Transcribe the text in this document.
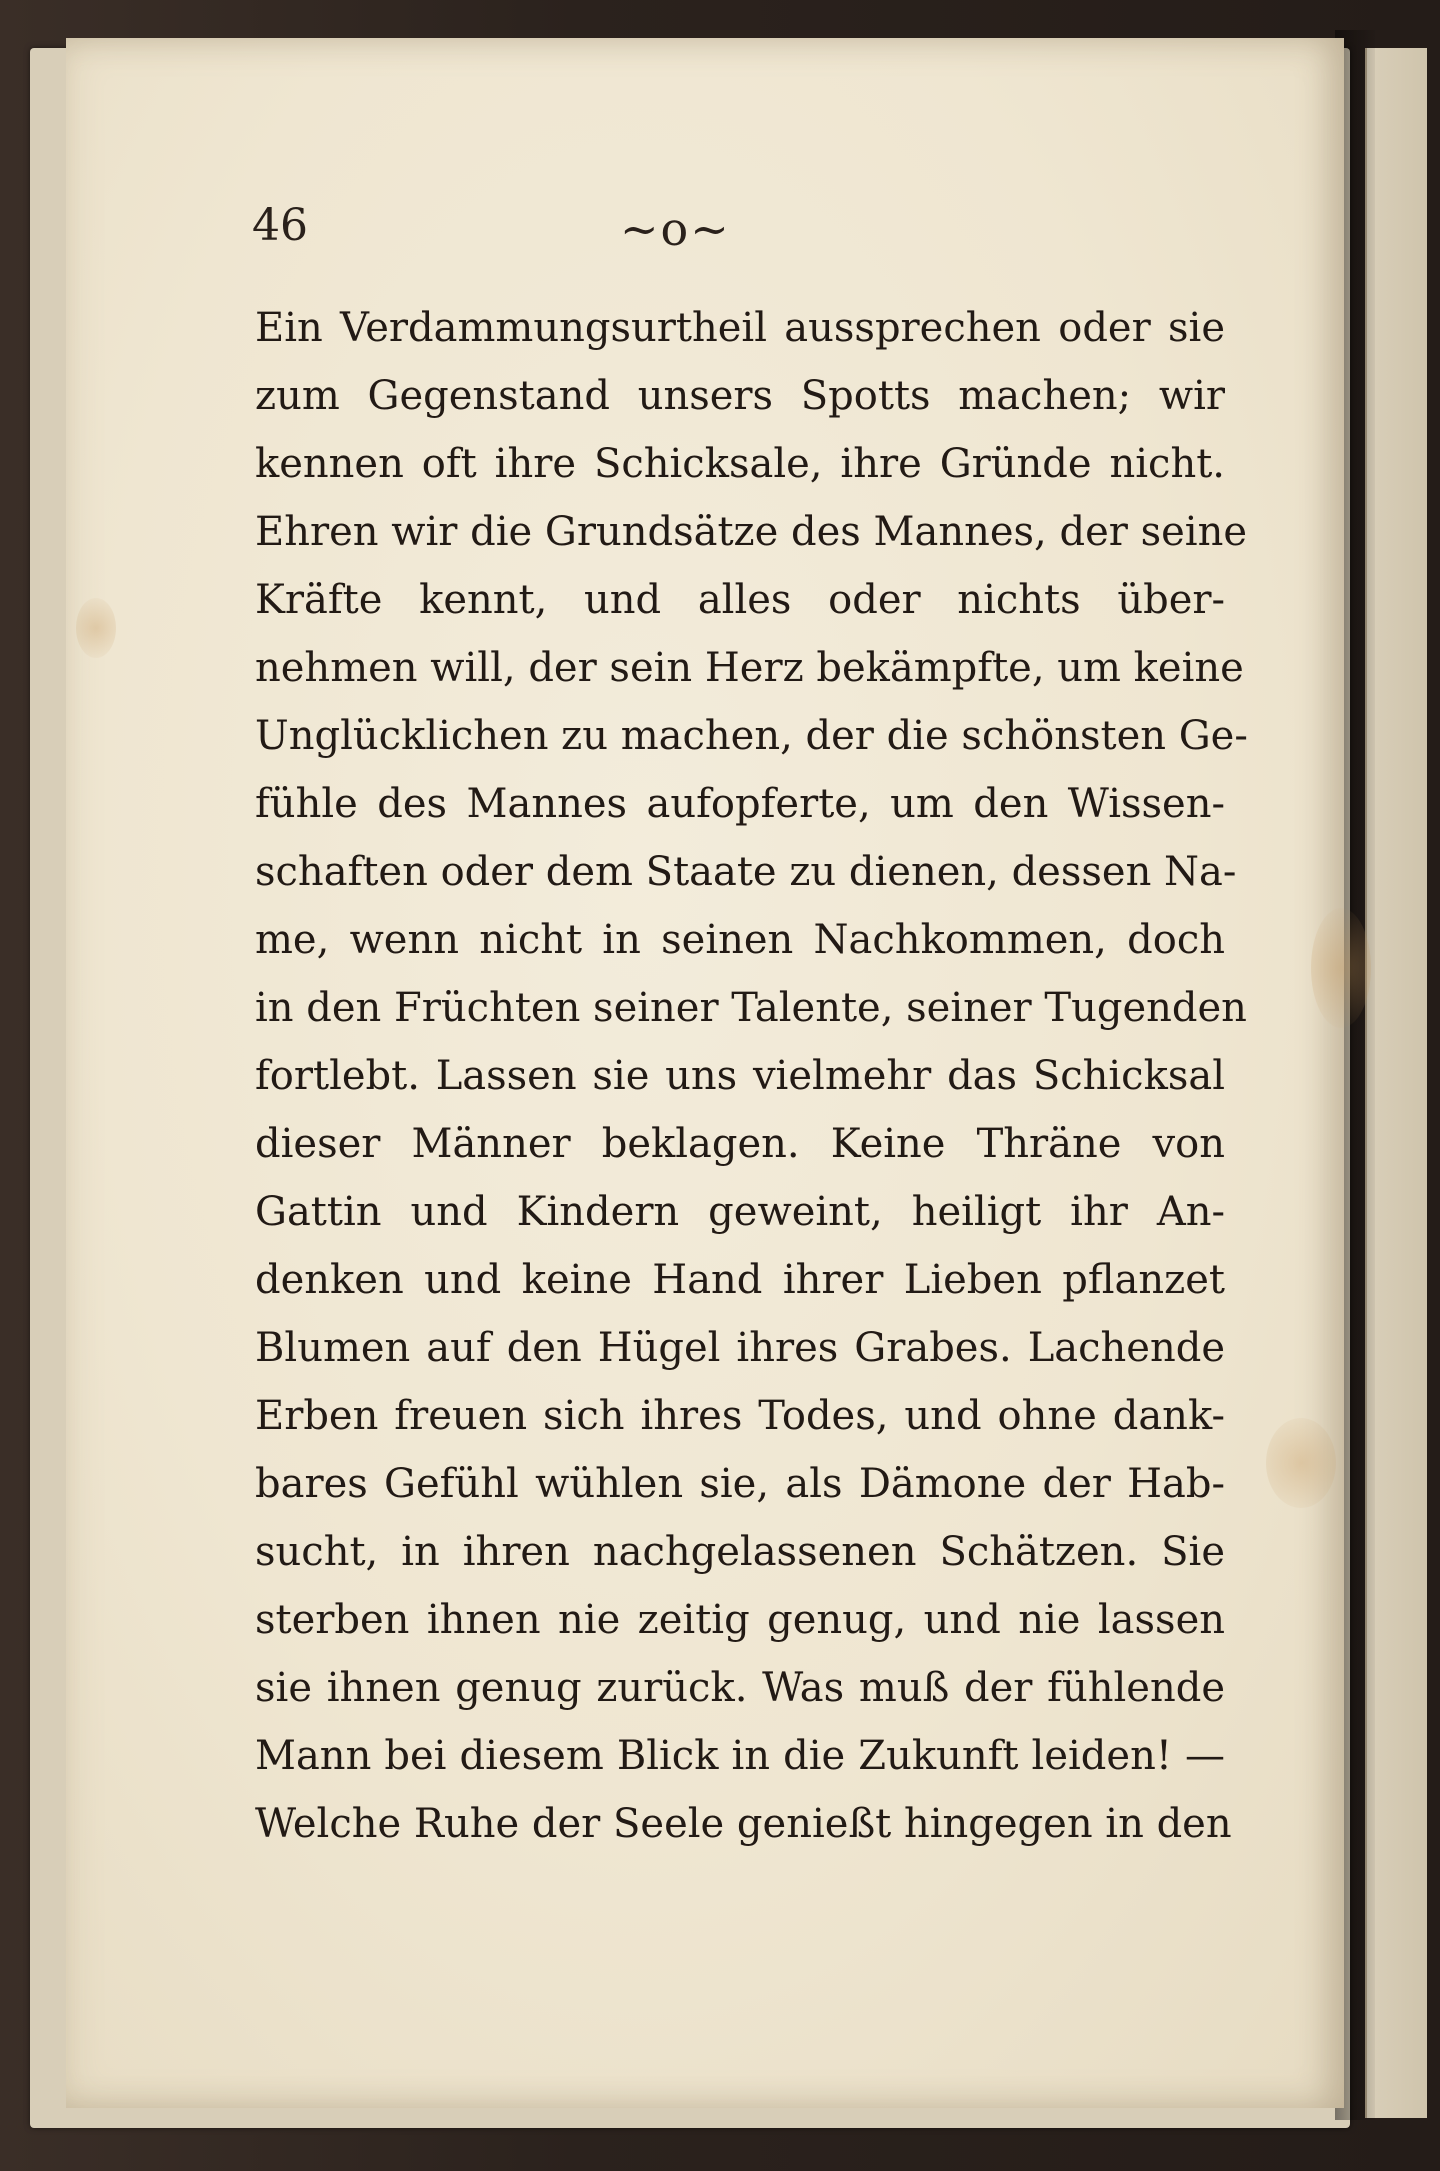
46	~o~
Ein Verdammungsurtheil aussprechen oder sie
zum Gegenstand unsers Spotts machen; wir
kennen oft ihre Schicksale, ihre Gründe nicht.
Ehren wir die Grundsätze des Mannes, der seine
Kräfte kennt, und alles oder nichts über-
nehmen will, der sein Herz bekämpfte, um keine
Unglücklichen zu machen, der die schönsten Ge-
fühle des Mannes aufopferte, um den Wissen-
schaften oder dem Staate zu dienen, dessen Na-
me, wenn nicht in seinen Nachkommen, doch
in den Früchten seiner Talente, seiner Tugenden
fortlebt. Lassen sie uns vielmehr das Schicksal
dieser Männer beklagen. Keine Thräne von
Gattin und Kindern geweint, heiligt ihr An-
denken und keine Hand ihrer Lieben pflanzet
Blumen auf den Hügel ihres Grabes. Lachende
Erben freuen sich ihres Todes, und ohne dank-
bares Gefühl wühlen sie, als Dämone der Hab-
sucht, in ihren nachgelassenen Schätzen. Sie
sterben ihnen nie zeitig genug, und nie lassen
sie ihnen genug zurück. Was muß der fühlende
Mann bei diesem Blick in die Zukunft leiden! —
Welche Ruhe der Seele genießt hingegen in den
